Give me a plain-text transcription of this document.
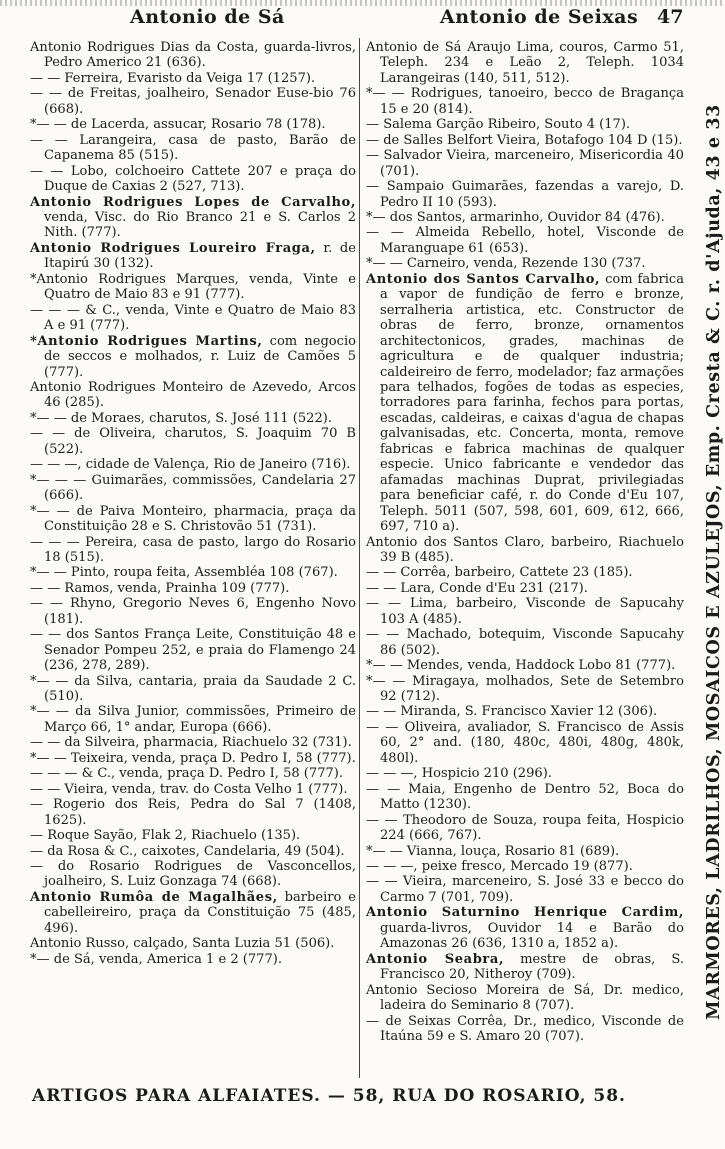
Antonio de Sá	Antonio de Seixas 47

Antonio Rodrigues Dias da Costa, guarda-livros, Pedro Americo 21 (636).

— — Ferreira, Evaristo da Veiga 17 (1257).

— — de Freitas, joalheiro, Senador Euse-bio 76 (668).

*— — de Lacerda, assucar, Rosario 78 (178).

— — Larangeira, casa de pasto, Barão de Capanema 85 (515).

— — Lobo, colchoeiro Cattete 207 e praça do Duque de Caxias 2 (527, 713).

Antonio Rodrigues Lopes de Carvalho, venda, Visc. do Rio Branco 21 e S. Carlos 2 Nith. (777).

Antonio Rodrigues Loureiro Fraga, r. de Itapirú 30 (132).

*Antonio Rodrigues Marques, venda, Vinte e Quatro de Maio 83 e 91 (777).

— — — & C., venda, Vinte e Quatro de Maio 83 A e 91 (777).

*Antonio Rodrigues Martins, com negocio de seccos e molhados, r. Luiz de Camões 5 (777).

Antonio Rodrigues Monteiro de Azevedo, Arcos 46 (285).

*— — de Moraes, charutos, S. José 111 (522).

— — de Oliveira, charutos, S. Joaquim 70 B (522).

— — —, cidade de Valença, Rio de Janeiro (716).

*— — — Guimarães, commissões, Candelaria 27 (666).

*— — de Paiva Monteiro, pharmacia, praça da Constituição 28 e S. Christovão 51 (731).

— — — Pereira, casa de pasto, largo do Rosario 18 (515).

*— — Pinto, roupa feita, Assembléa 108 (767).

— — Ramos, venda, Prainha 109 (777).

— — Rhyno, Gregorio Neves 6, Engenho Novo (181).

— — dos Santos França Leite, Constituição 48 e Senador Pompeu 252, e praia do Flamengo 24 (236, 278, 289).

*— — da Silva, cantaria, praia da Saudade 2 C. (510).

*— — da Silva Junior, commissões, Primeiro de Março 66, 1° andar, Europa (666).

— — da Silveira, pharmacia, Riachuelo 32 (731).

*— — Teixeira, venda, praça D. Pedro I, 58 (777).

— — — & C., venda, praça D. Pedro I, 58 (777).

— — Vieira, venda, trav. do Costa Velho 1 (777).

— Rogerio dos Reis, Pedra do Sal 7 (1408, 1625).

— Roque Sayão, Flak 2, Riachuelo (135).

— da Rosa & C., caixotes, Candelaria, 49 (504).

— do Rosario Rodrigues de Vasconcellos, joalheiro, S. Luiz Gonzaga 74 (668).

Antonio Rumôa de Magalhães, barbeiro e cabelleireiro, praça da Constituição 75 (485, 496).

Antonio Russo, calçado, Santa Luzia 51 (506).

*— de Sá, venda, America 1 e 2 (777).

Antonio de Sá Araujo Lima, couros, Carmo 51, Teleph. 234 e Leão 2, Teleph. 1034 Larangeiras (140, 511, 512).

*— — Rodrigues, tanoeiro, becco de Bragança 15 e 20 (814).

— Salema Garção Ribeiro, Souto 4 (17).

— de Salles Belfort Vieira, Botafogo 104 D (15).

— Salvador Vieira, marceneiro, Misericordia 40 (701).

— Sampaio Guimarães, fazendas a varejo, D. Pedro II 10 (593).

*— dos Santos, armarinho, Ouvidor 84 (476).

— — Almeida Rebello, hotel, Visconde de Maranguape 61 (653).

*— — Carneiro, venda, Rezende 130 (737.

Antonio dos Santos Carvalho, com fabrica a vapor de fundição de ferro e bronze, serralheria artistica, etc. Constructor de obras de ferro, bronze, ornamentos architectonicos, grades, machinas de agricultura e de qualquer industria; caldeireiro de ferro, modelador; faz armações para telhados, fogões de todas as especies, torradores para farinha, fechos para portas, escadas, caldeiras, e caixas d'agua de chapas galvanisadas, etc. Concerta, monta, remove fabricas e fabrica machinas de qualquer especie. Unico fabricante e vendedor das afamadas machinas Duprat, privilegiadas para beneficiar café, r. do Conde d'Eu 107, Teleph. 5011 (507, 598, 601, 609, 612, 666, 697, 710 a).

Antonio dos Santos Claro, barbeiro, Riachuelo 39 B (485).

— — Corrêa, barbeiro, Cattete 23 (185).

— — Lara, Conde d'Eu 231 (217).

— — Lima, barbeiro, Visconde de Sapucahy 103 A (485).

— — Machado, botequim, Visconde Sapucahy 86 (502).

*— — Mendes, venda, Haddock Lobo 81 (777).

*— — Miragaya, molhados, Sete de Setembro 92 (712).

— — Miranda, S. Francisco Xavier 12 (306).

— — Oliveira, avaliador, S. Francisco de Assis 60, 2° and. (180, 480c, 480i, 480g, 480k, 480l).

— — —, Hospicio 210 (296).

— — Maia, Engenho de Dentro 52, Boca do Matto (1230).

— — Theodoro de Souza, roupa feita, Hospicio 224 (666, 767).

*— — Vianna, louça, Rosario 81 (689).

— — —, peixe fresco, Mercado 19 (877).

— — Vieira, marceneiro, S. José 33 e becco do Carmo 7 (701, 709).

Antonio Saturnino Henrique Cardim, guarda-livros, Ouvidor 14 e Barão do Amazonas 26 (636, 1310 a, 1852 a).

Antonio Seabra, mestre de obras, S. Francisco 20, Nitheroy (709).

Antonio Secioso Moreira de Sá, Dr. medico, ladeira do Seminario 8 (707).

— de Seixas Corrêa, Dr., medico, Visconde de Itaúna 59 e S. Amaro 20 (707).

MARMORES, LADRILHOS, MOSAICOS E AZULEJOS, Emp. Cresta & C. r. d'Ajuda, 43 e 33
ARTIGOS PARA ALFAIATES. — 58, RUA DO ROSARIO, 58.
